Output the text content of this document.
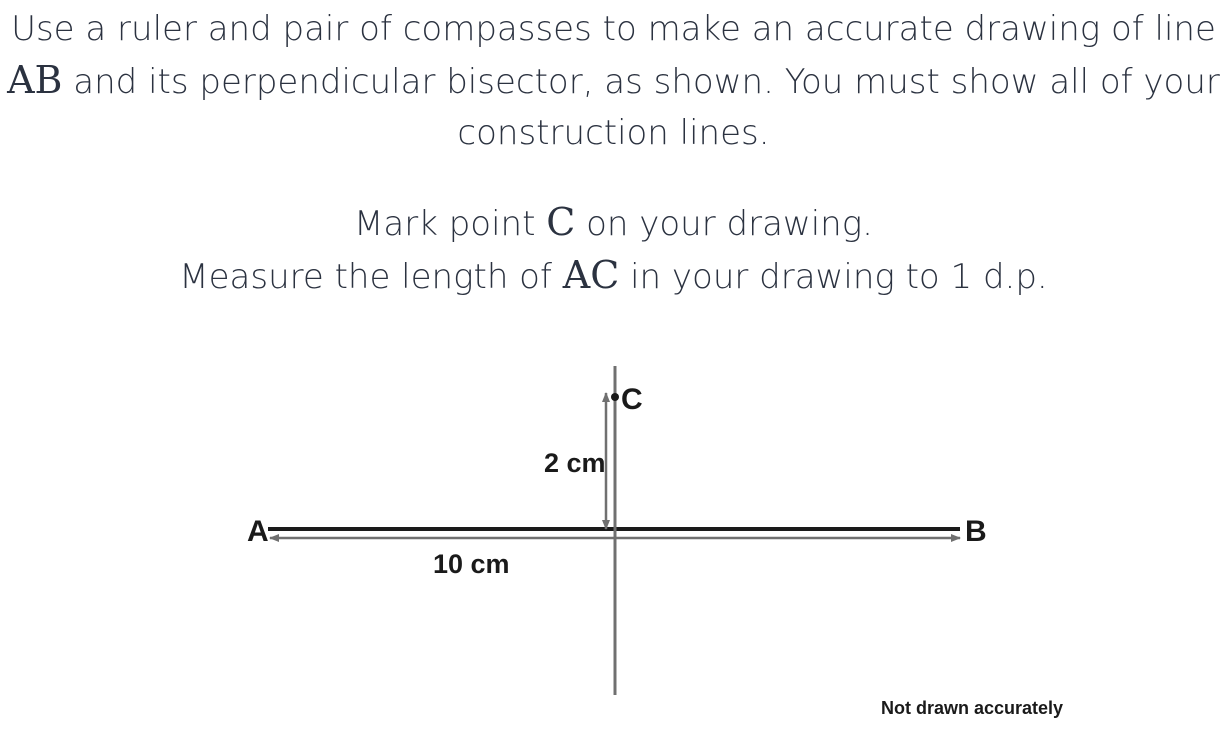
Use a ruler and pair of compasses to make an accurate drawing of line

AB and its perpendicular bisector, as shown. You must show all of your

construction lines.

Mark point C on your drawing.

Measure the length of AC in your drawing to 1 d.p.

A	B
C
10 cm
2 cm
Not drawn accurately
